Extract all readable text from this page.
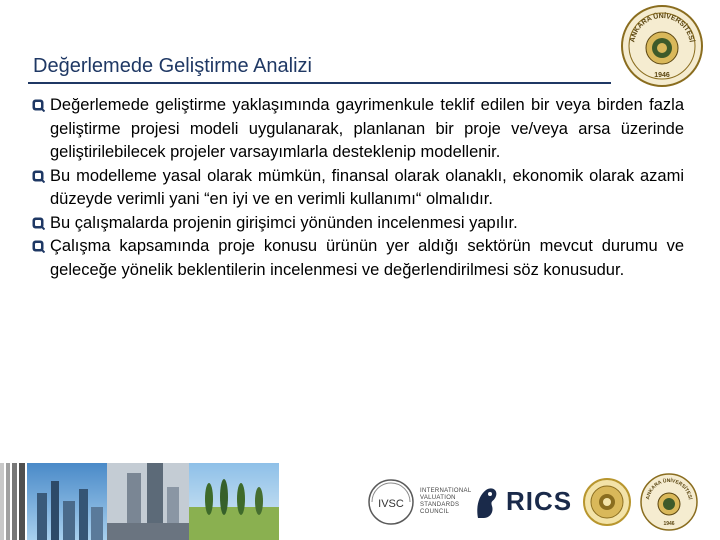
ANKARA ÜNİVERSİTESİ
1946
Değerlemede Geliştirme Analizi
Değerlemede geliştirme yaklaşımında gayrimenkule teklif edilen bir veya birden fazla geliştirme projesi modeli uygulanarak, planlanan bir proje ve/veya arsa üzerinde geliştirilebilecek projeler varsayımlarla desteklenip modellenir.
Bu modelleme yasal olarak mümkün, finansal olarak olanaklı, ekonomik olarak azami düzeyde verimli yani “en iyi ve en verimli kullanımı“ olmalıdır.
Bu çalışmalarda projenin girişimci yönünden incelenmesi yapılır.
Çalışma kapsamında proje konusu ürünün yer aldığı sektörün mevcut durumu ve geleceğe yönelik beklentilerin incelenmesi ve değerlendirilmesi söz konusudur.
IVSC
INTERNATIONAL
VALUATION
STANDARDS
COUNCIL	RICS	ANKARA ÜNİVERSİTESİ
1946
